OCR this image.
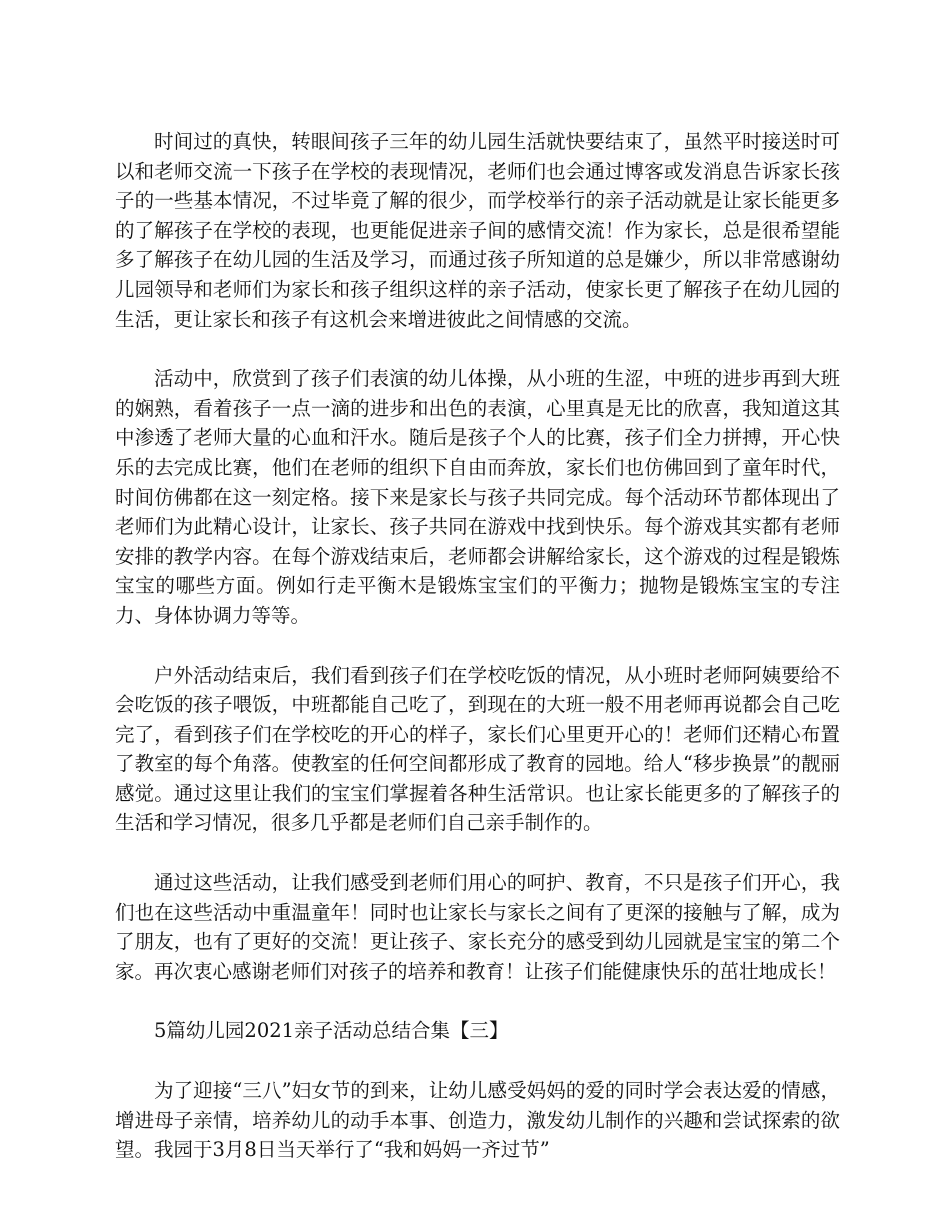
时间过的真快，转眼间孩子三年的幼儿园生活就快要结束了，虽然平时接送时可以和老师交流一下孩子在学校的表现情况，老师们也会通过博客或发消息告诉家长孩子的一些基本情况，不过毕竟了解的很少，而学校举行的亲子活动就是让家长能更多的了解孩子在学校的表现，也更能促进亲子间的感情交流！作为家长，总是很希望能多了解孩子在幼儿园的生活及学习，而通过孩子所知道的总是嫌少，所以非常感谢幼儿园领导和老师们为家长和孩子组织这样的亲子活动，使家长更了解孩子在幼儿园的生活，更让家长和孩子有这机会来增进彼此之间情感的交流。

活动中，欣赏到了孩子们表演的幼儿体操，从小班的生涩，中班的进步再到大班的娴熟，看着孩子一点一滴的进步和出色的表演，心里真是无比的欣喜，我知道这其中渗透了老师大量的心血和汗水。随后是孩子个人的比赛，孩子们全力拼搏，开心快乐的去完成比赛，他们在老师的组织下自由而奔放，家长们也仿佛回到了童年时代，时间仿佛都在这一刻定格。接下来是家长与孩子共同完成。每个活动环节都体现出了老师们为此精心设计，让家长、孩子共同在游戏中找到快乐。每个游戏其实都有老师安排的教学内容。在每个游戏结束后，老师都会讲解给家长，这个游戏的过程是锻炼宝宝的哪些方面。例如行走平衡木是锻炼宝宝们的平衡力；抛物是锻炼宝宝的专注力、身体协调力等等。

户外活动结束后，我们看到孩子们在学校吃饭的情况，从小班时老师阿姨要给不会吃饭的孩子喂饭，中班都能自己吃了，到现在的大班一般不用老师再说都会自己吃完了，看到孩子们在学校吃的开心的样子，家长们心里更开心的！老师们还精心布置了教室的每个角落。使教室的任何空间都形成了教育的园地。给人“移步换景”的靓丽感觉。通过这里让我们的宝宝们掌握着各种生活常识。也让家长能更多的了解孩子的生活和学习情况，很多几乎都是老师们自己亲手制作的。

通过这些活动，让我们感受到老师们用心的呵护、教育，不只是孩子们开心，我们也在这些活动中重温童年！同时也让家长与家长之间有了更深的接触与了解，成为了朋友，也有了更好的交流！更让孩子、家长充分的感受到幼儿园就是宝宝的第二个家。再次衷心感谢老师们对孩子的培养和教育！让孩子们能健康快乐的茁壮地成长！

5篇幼儿园2021亲子活动总结合集【三】

为了迎接“三八”妇女节的到来，让幼儿感受妈妈的爱的同时学会表达爱的情感，增进母子亲情，培养幼儿的动手本事、创造力，激发幼儿制作的兴趣和尝试探索的欲望。我园于3月8日当天举行了“我和妈妈一齐过节”
